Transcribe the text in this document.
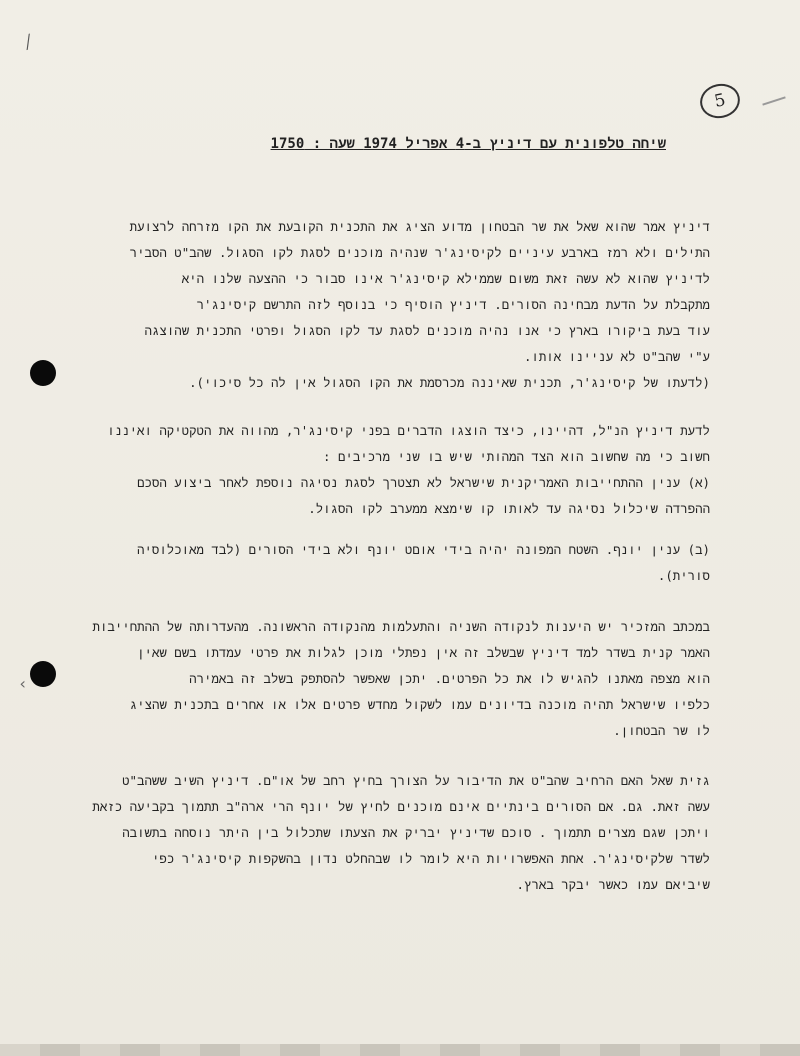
⁄
5
שיחה טלפונית עם דיניץ ב-4 אפריל 1974 שעה : 1750
דיניץ אמר שהוא שאל את שר הבטחון מדוע הציג את התכנית הקובעת את הקו מזרחה לרצועת
התילים ולא רמז בארבע עיניים לקיסינג'ר שנהיה מוכנים לסגת לקו הסגול. שהב"ט הסביר
לדיניץ שהוא לא עשה זאת משום שממילא קיסינג'ר אינו סבור כי ההצעה שלנו היא
מתקבלת על הדעת מבחינה הסורים. דיניץ הוסיף כי בנוסף לזה התרשם קיסינג'ר
עוד בעת ביקורו בארץ כי אנו נהיה מוכנים לסגת עד לקו הסגול ופרטי התכנית שהוצגה
ע"י שהב"ט לא עניינו אותו.
(לדעתו של קיסינג'ר, תכנית שאיננה מכרסמת את הקו הסגול אין לה כל סיכוי).
לדעת דיניץ הנ"ל, דהיינו, כיצד הוצגו הדברים בפני קיסינג'ר, מהווה את הטקטיקה ואיננו
חשוב כי מה שחשוב הוא הצד המהותי שיש בו שני מרכיבים :
(א) ענין ההתחייבות האמריקנית שישראל לא תצטרך לסגת נסיגה נוספת לאחר ביצוע הסכם
ההפרדה שיכלול נסיגה עד לאותו קו שימצא ממערב לקו הסגול.
(ב) ענין יונף. השטח המפונה יהיה בידי אוםט יונף ולא בידי הסורים (לבד מאוכלוסיה
סורית).
במכתב המזכיר יש היענות לנקודה השניה והתעלמות מהנקודה הראשונה. מהעדרותה של ההתחייבות
האמר קנית בשדר למד דיניץ שבשלב זה אין נפתלי מוכן לגלות את פרטי עמדתו בשם שאין
הוא מצפה מאתנו להגיש לו את כל הפרטים. יתכן שאפשר להסתפק בשלב זה באמירה
כלפיו שישראל תהיה מוכנה בדיונים עמו לשקול מחדש פרטים אלו או אחרים בתכנית שהציג
לו שר הבטחון.
גזית שאל האם הרחיב שהב"ט את הדיבור על הצורך בחיץ רחב של או"ם. דיניץ השיב ששהב"ט
עשה זאת. גם. אם הסורים בינתיים אינם מוכנים לחיץ של יונף הרי ארה"ב תתמוך בקביעה כזאת
ויתכן שגם מצרים תתמוך . סוכם שדיניץ יבריק את הצעתו שתכלול בין היתר נוסחה בתשובה
לשדר שלקיסינג'ר. אחת האפשרויות היא לומר לו שבהחלט נדון בהשקפות קיסינג'ר כפי
שיביאם עמו כאשר יבקר בארץ.
‹
